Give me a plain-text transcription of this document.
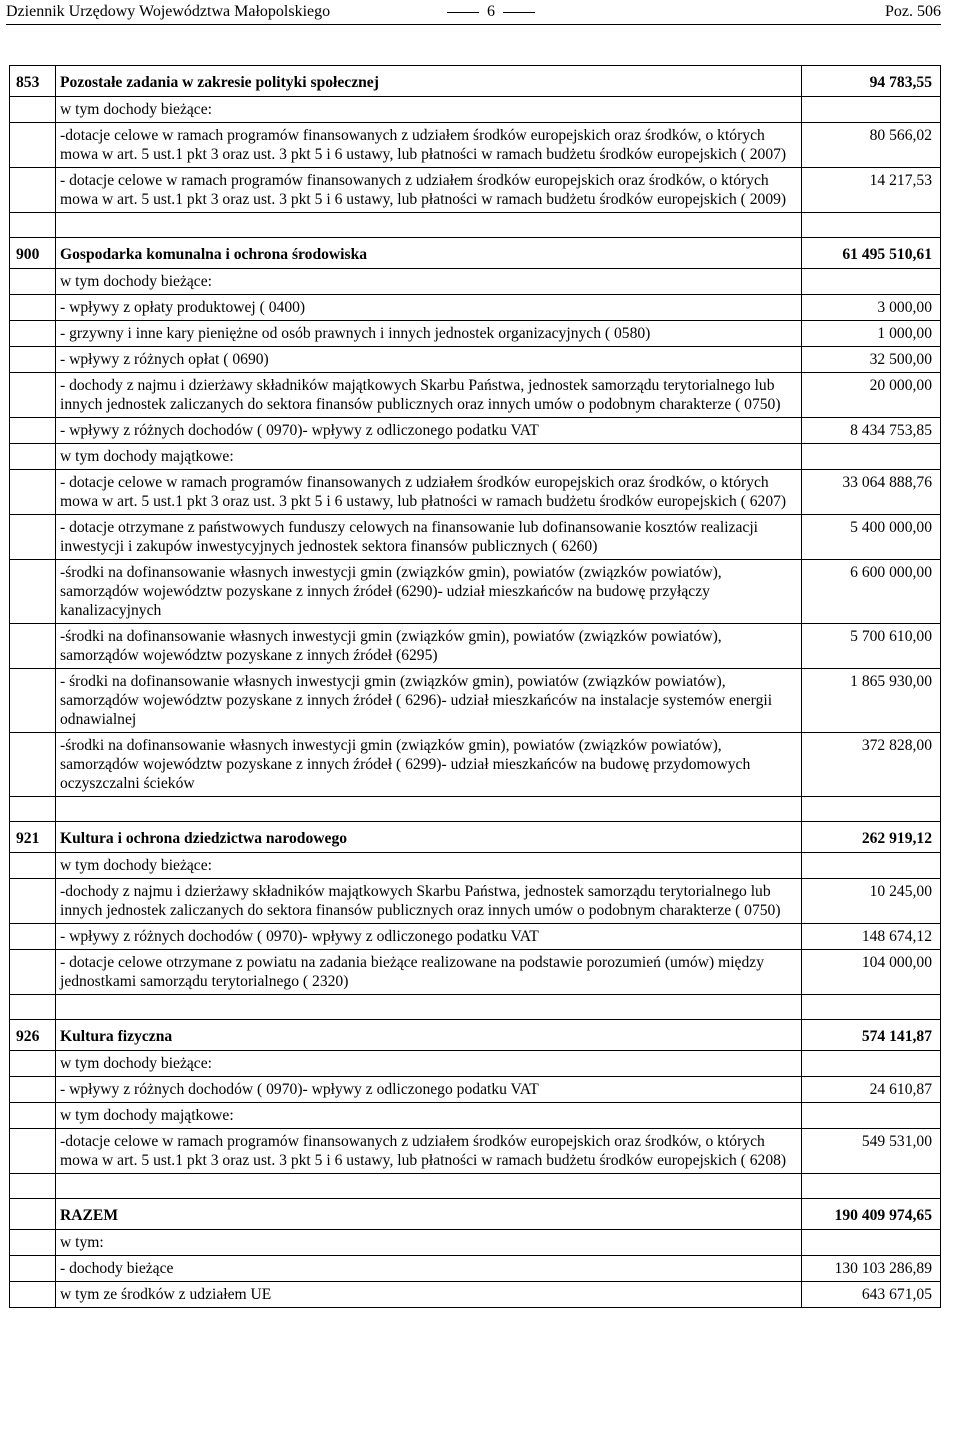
Dziennik Urzędowy Województwa Małopolskiego	6	Poz. 506
853	Pozostałe zadania w zakresie polityki społecznej	94 783,55
	w tym dochody bieżące:	
	-dotacje celowe w ramach programów finansowanych z udziałem środków europejskich oraz środków, o których mowa w art. 5 ust.1 pkt 3 oraz ust. 3 pkt 5 i 6 ustawy, lub płatności w ramach budżetu środków europejskich ( 2007)	80 566,02
	- dotacje celowe w ramach programów finansowanych z udziałem środków europejskich oraz środków, o których mowa w art. 5 ust.1 pkt 3 oraz ust. 3 pkt 5 i 6 ustawy, lub płatności w ramach budżetu środków europejskich ( 2009)	14 217,53

900	Gospodarka komunalna i ochrona środowiska	61 495 510,61
	w tym dochody bieżące:	
	- wpływy z opłaty produktowej ( 0400)	3 000,00
	- grzywny i inne kary pieniężne od osób prawnych i innych jednostek organizacyjnych ( 0580)	1 000,00
	- wpływy z różnych opłat ( 0690)	32 500,00
	- dochody z najmu i dzierżawy składników majątkowych Skarbu Państwa, jednostek samorządu terytorialnego lub innych jednostek zaliczanych do sektora finansów publicznych oraz innych umów o podobnym charakterze ( 0750)	20 000,00
	- wpływy z różnych dochodów ( 0970)- wpływy z odliczonego podatku VAT	8 434 753,85
	w tym dochody majątkowe:	
	- dotacje celowe w ramach programów finansowanych z udziałem środków europejskich oraz środków, o których mowa w art. 5 ust.1 pkt 3 oraz ust. 3 pkt 5 i 6 ustawy, lub płatności w ramach budżetu środków europejskich ( 6207)	33 064 888,76
	- dotacje otrzymane z państwowych funduszy celowych na finansowanie lub dofinansowanie kosztów realizacji inwestycji i zakupów inwestycyjnych jednostek sektora finansów publicznych ( 6260)	5 400 000,00
	-środki na dofinansowanie własnych inwestycji gmin (związków gmin), powiatów (związków powiatów), samorządów województw pozyskane z innych źródeł (6290)- udział mieszkańców na budowę przyłączy kanalizacyjnych	6 600 000,00
	-środki na dofinansowanie własnych inwestycji gmin (związków gmin), powiatów (związków powiatów), samorządów województw pozyskane z innych źródeł (6295)	5 700 610,00
	- środki na dofinansowanie własnych inwestycji gmin (związków gmin), powiatów (związków powiatów), samorządów województw pozyskane z innych źródeł ( 6296)- udział mieszkańców na instalacje systemów energii odnawialnej	1 865 930,00
	-środki na dofinansowanie własnych inwestycji gmin (związków gmin), powiatów (związków powiatów), samorządów województw pozyskane z innych źródeł ( 6299)- udział mieszkańców na budowę przydomowych oczyszczalni ścieków	372 828,00

921	Kultura i ochrona dziedzictwa narodowego	262 919,12
	w tym dochody bieżące:	
	-dochody z najmu i dzierżawy składników majątkowych Skarbu Państwa, jednostek samorządu terytorialnego lub innych jednostek zaliczanych do sektora finansów publicznych oraz innych umów o podobnym charakterze ( 0750)	10 245,00
	- wpływy z różnych dochodów ( 0970)- wpływy z odliczonego podatku VAT	148 674,12
	- dotacje celowe otrzymane z powiatu na zadania bieżące realizowane na podstawie porozumień (umów) między jednostkami samorządu terytorialnego ( 2320)	104 000,00

926	Kultura fizyczna	574 141,87
	w tym dochody bieżące:	
	- wpływy z różnych dochodów ( 0970)- wpływy z odliczonego podatku VAT	24 610,87
	w tym dochody majątkowe:	
	-dotacje celowe w ramach programów finansowanych z udziałem środków europejskich oraz środków, o których mowa w art. 5 ust.1 pkt 3 oraz ust. 3 pkt 5 i 6 ustawy, lub płatności w ramach budżetu środków europejskich ( 6208)	549 531,00

	RAZEM	190 409 974,65
	w tym:	
	- dochody bieżące	130 103 286,89
	w tym ze środków z udziałem UE	643 671,05
